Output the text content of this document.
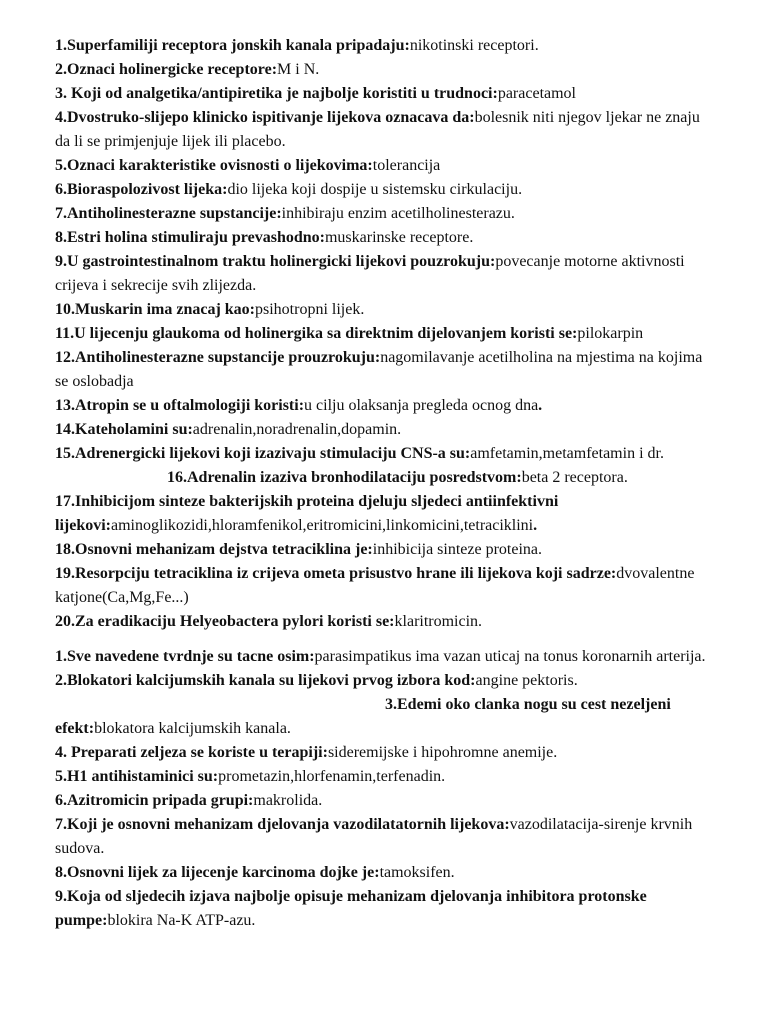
1.Superfamiliji receptora jonskih kanala pripadaju:nikotinski receptori.

2.Oznaci holinergicke receptore:M i N.

3. Koji od analgetika/antipiretika je najbolje koristiti u trudnoci:paracetamol

4.Dvostruko-slijepo klinicko ispitivanje lijekova oznacava da:bolesnik niti njegov ljekar ne znaju da li se primjenjuje lijek ili placebo.

5.Oznaci karakteristike ovisnosti o lijekovima:tolerancija

6.Bioraspolozivost lijeka:dio lijeka koji dospije u sistemsku cirkulaciju.

7.Antiholinesterazne supstancije:inhibiraju enzim acetilholinesterazu.

8.Estri holina stimuliraju prevashodno:muskarinske receptore.

9.U gastrointestinalnom traktu holinergicki lijekovi pouzrokuju:povecanje motorne aktivnosti crijeva i sekrecije svih zlijezda.

10.Muskarin ima znacaj kao:psihotropni lijek.

11.U lijecenju glaukoma od holinergika sa direktnim dijelovanjem koristi se:pilokarpin

12.Antiholinesterazne supstancije prouzrokuju:nagomilavanje acetilholina na mjestima na kojima se oslobadja

13.Atropin se u oftalmologiji koristi:u cilju olaksanja pregleda ocnog dna.

14.Kateholamini su:adrenalin,noradrenalin,dopamin.

15.Adrenergicki lijekovi koji izazivaju stimulaciju CNS-a su:amfetamin,metamfetamin i dr.16.Adrenalin izaziva bronhodilataciju posredstvom:beta 2 receptora.

17.Inhibicijom sinteze bakterijskih proteina djeluju sljedeci antiinfektivni lijekovi:aminoglikozidi,hloramfenikol,eritromicini,linkomicini,tetraciklini.

18.Osnovni mehanizam dejstva tetraciklina je:inhibicija sinteze proteina.

19.Resorpciju tetraciklina iz crijeva ometa prisustvo hrane ili lijekova koji sadrze:dvovalentne katjone(Ca,Mg,Fe...)

20.Za eradikaciju Helyeobactera pylori koristi se:klaritromicin.

1.Sve navedene tvrdnje su tacne osim:parasimpatikus ima vazan uticaj na tonus koronarnih arterija. 2.Blokatori kalcijumskih kanala su lijekovi prvog izbora kod:angine pektoris.3.Edemi oko clanka nogu su cest nezeljeni efekt:blokatora kalcijumskih kanala.

4. Preparati zeljeza se koriste u terapiji:sideremijske i hipohromne anemije.

5.H1 antihistaminici su:prometazin,hlorfenamin,terfenadin.

6.Azitromicin pripada grupi:makrolida.

7.Koji je osnovni mehanizam djelovanja vazodilatatornih lijekova:vazodilatacija-sirenje krvnih sudova.

8.Osnovni lijek za lijecenje karcinoma dojke je:tamoksifen.

9.Koja od sljedecih izjava najbolje opisuje mehanizam djelovanja inhibitora protonske pumpe:blokira Na-K ATP-azu.
